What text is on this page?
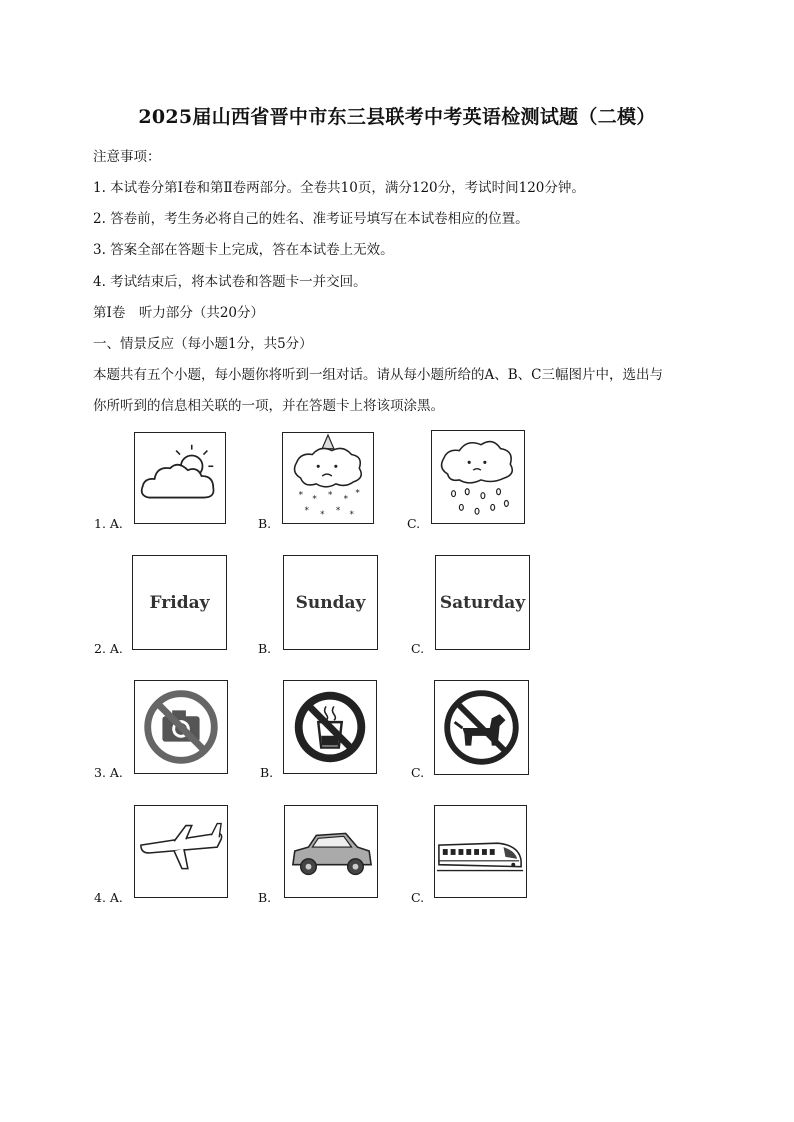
2025届山西省晋中市东三县联考中考英语检测试题（二模）
注意事项：
1. 本试卷分第Ⅰ卷和第Ⅱ卷两部分。全卷共10页，满分120分，考试时间120分钟。
2. 答卷前，考生务必将自己的姓名、准考证号填写在本试卷相应的位置。
3. 答案全部在答题卡上完成，答在本试卷上无效。
4. 考试结束后，将本试卷和答题卡一并交回。
第Ⅰ卷　听力部分（共20分）
一、情景反应（每小题1分，共5分）
本题共有五个小题，每小题你将听到一组对话。请从每小题所给的A、B、C三幅图片中，选出与
你所听到的信息相关联的一项，并在答题卡上将该项涂黑。
1. A.	B.	C.
* * * *
*
* * * *
2. A.	B.	C.
Friday	Sunday	Saturday
3. A.	B.	C.
4. A.	B.	C.
